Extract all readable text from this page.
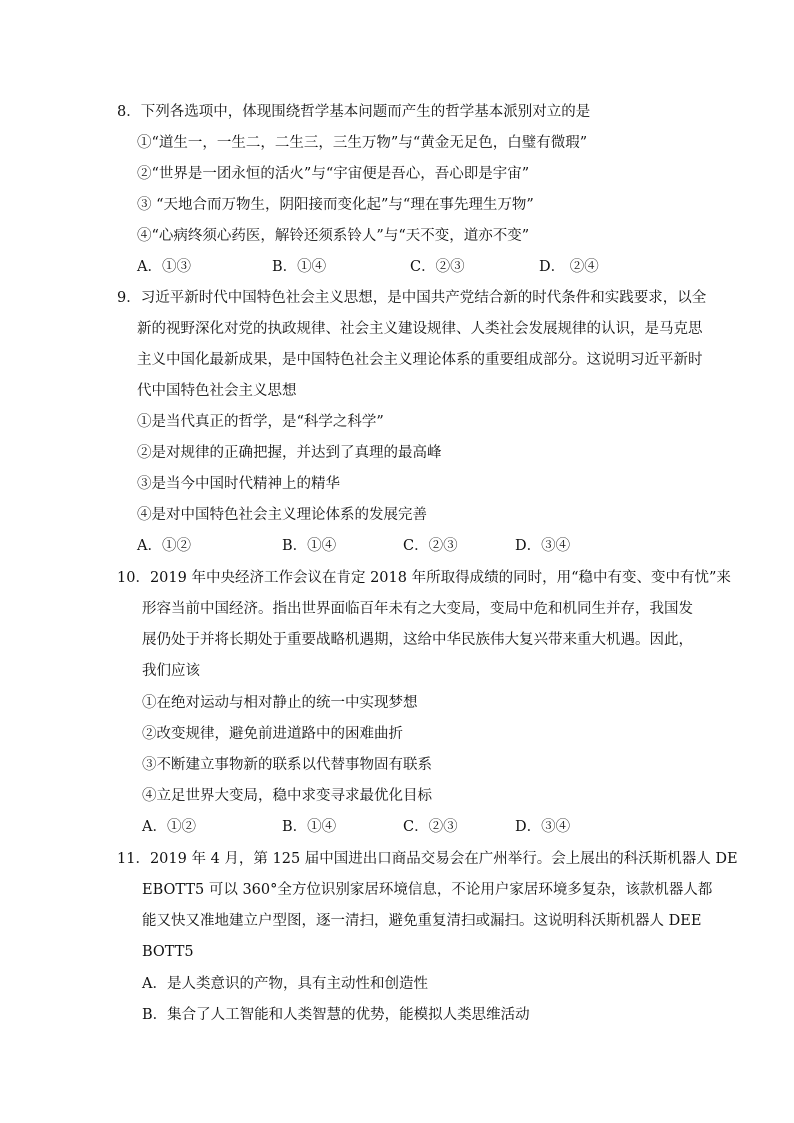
8．下列各选项中，体现围绕哲学基本问题而产生的哲学基本派别对立的是
①“道生一，一生二，二生三，三生万物”与“黄金无足色，白璧有微瑕”
②“世界是一团永恒的活火”与“宇宙便是吾心，吾心即是宇宙”
③ “天地合而万物生，阴阳接而变化起”与“理在事先理生万物”
④“心病终须心药医，解铃还须系铃人”与“天不变，道亦不变”
A．①③	B．①④	C．②③	D． ②④
9．习近平新时代中国特色社会主义思想，是中国共产党结合新的时代条件和实践要求，以全
新的视野深化对党的执政规律、社会主义建设规律、人类社会发展规律的认识，是马克思
主义中国化最新成果，是中国特色社会主义理论体系的重要组成部分。这说明习近平新时
代中国特色社会主义思想
①是当代真正的哲学，是“科学之科学”
②是对规律的正确把握，并达到了真理的最高峰
③是当今中国时代精神上的精华
④是对中国特色社会主义理论体系的发展完善
A．①②	B．①④	C．②③	D．③④
10．2019 年中央经济工作会议在肯定 2018 年所取得成绩的同时，用“稳中有变、变中有忧”来
形容当前中国经济。指出世界面临百年未有之大变局，变局中危和机同生并存，我国发
展仍处于并将长期处于重要战略机遇期，这给中华民族伟大复兴带来重大机遇。因此，
我们应该
①在绝对运动与相对静止的统一中实现梦想
②改变规律，避免前进道路中的困难曲折
③不断建立事物新的联系以代替事物固有联系
④立足世界大变局，稳中求变寻求最优化目标
A．①②	B．①④	C．②③	D．③④
11．2019 年 4 月，第 125 届中国进出口商品交易会在广州举行。会上展出的科沃斯机器人 DE
EBOTT5 可以 360°全方位识别家居环境信息，不论用户家居环境多复杂，该款机器人都
能又快又准地建立户型图，逐一清扫，避免重复清扫或漏扫。这说明科沃斯机器人 DEE
BOTT5
A．是人类意识的产物，具有主动性和创造性
B．集合了人工智能和人类智慧的优势，能模拟人类思维活动
